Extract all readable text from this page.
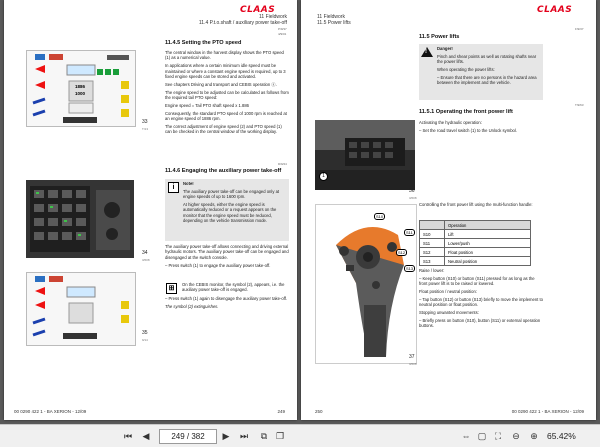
CLAAS
11 Fieldwork
11.4 P.t.o.shaft / auxiliary power take-off
P/9/37
4/9/01
1886
1000
33
T/13
34
3/608
35
9/14
11.4.5 Setting the PTO speed

The central window in the harvest display shows the PTO speed (1) as a numerical value.

In applications where a certain minimum idle speed must be maintained or where a constant engine speed is required, up to 3 fixed engine speeds can be stored and activated.

See chapters Driving and transport and CEBIS operation ⓐ.

The engine speed to be adjusted can be calculated as follows from the required tail PTO speed:

Engine speed = Tail PTO shaft speed x 1.886

Consequently, the standard PTO speed of 1000 rpm is reached at an engine speed of 1886 rpm.

The correct adjustment of engine speed (2) and PTO speed (1) can be checked in the central window of the working display.

D/9/24
11.4.6 Engaging the auxiliary power take-off
i

Note!

The auxiliary power take-off can be engaged only at engine speeds of up to 1600 rpm.

At higher speeds, either the engine speed is automatically reduced or a request appears on the monitor that the engine speed must be reduced, depending on the vehicle transmission mode.

The auxiliary power take-off allows connecting and driving external hydraulic motors. The auxiliary power take-off can be engaged and disengaged at the switch console.

– Press switch (1) to engage the auxiliary power take-off.

⊞
On the CEBIS monitor, the symbol (2), appears, i.e. the auxiliary power take-off is engaged.

– Press switch (1) again to disengage the auxiliary power take-off.

The symbol (2) extinguishes.

00 0290 422 1 - BA XERION - 12/09	249
CLAAS
11 Fieldwork
11.5 Power lifts
F/9/37
11.5 Power lifts
!

Danger!

Pinch and shear points as well as rotating shafts near the power lifts.

When operating the power lifts:

– Ensure that there are no persons in the hazard area between the implement and the vehicle.

T/9/63
11.5.1 Operating the front power lift

Activating the hydraulic operation:

– Set the road travel switch (1) to the Unlock symbol.

1
36
3/608
S10
S11
S12
S13
37
3/608
Controlling the front power lift using the multi-function handle:
	Operation
S10	Lift
S11	Lower/push
S12	Float position
S13	Neutral position

Raise / lower:

– Keep button (S10) or button (S11) pressed for as long as the front power lift is to be raised or lowered.

Float position / neutral position:

– Tap button (S12) or button (S13) briefly to move the implement to neutral position or float position.

Stopping unwanted movements:

– Briefly press on button (S10), button (S11) or external operation buttons.

250	00 0290 422 1 - BA XERION - 12/09
⏮ ◀	249 / 382	▶ ⏭	⧉ ❐	⇔ ▢ ⛶	⊖ ⊕ 65.42%
